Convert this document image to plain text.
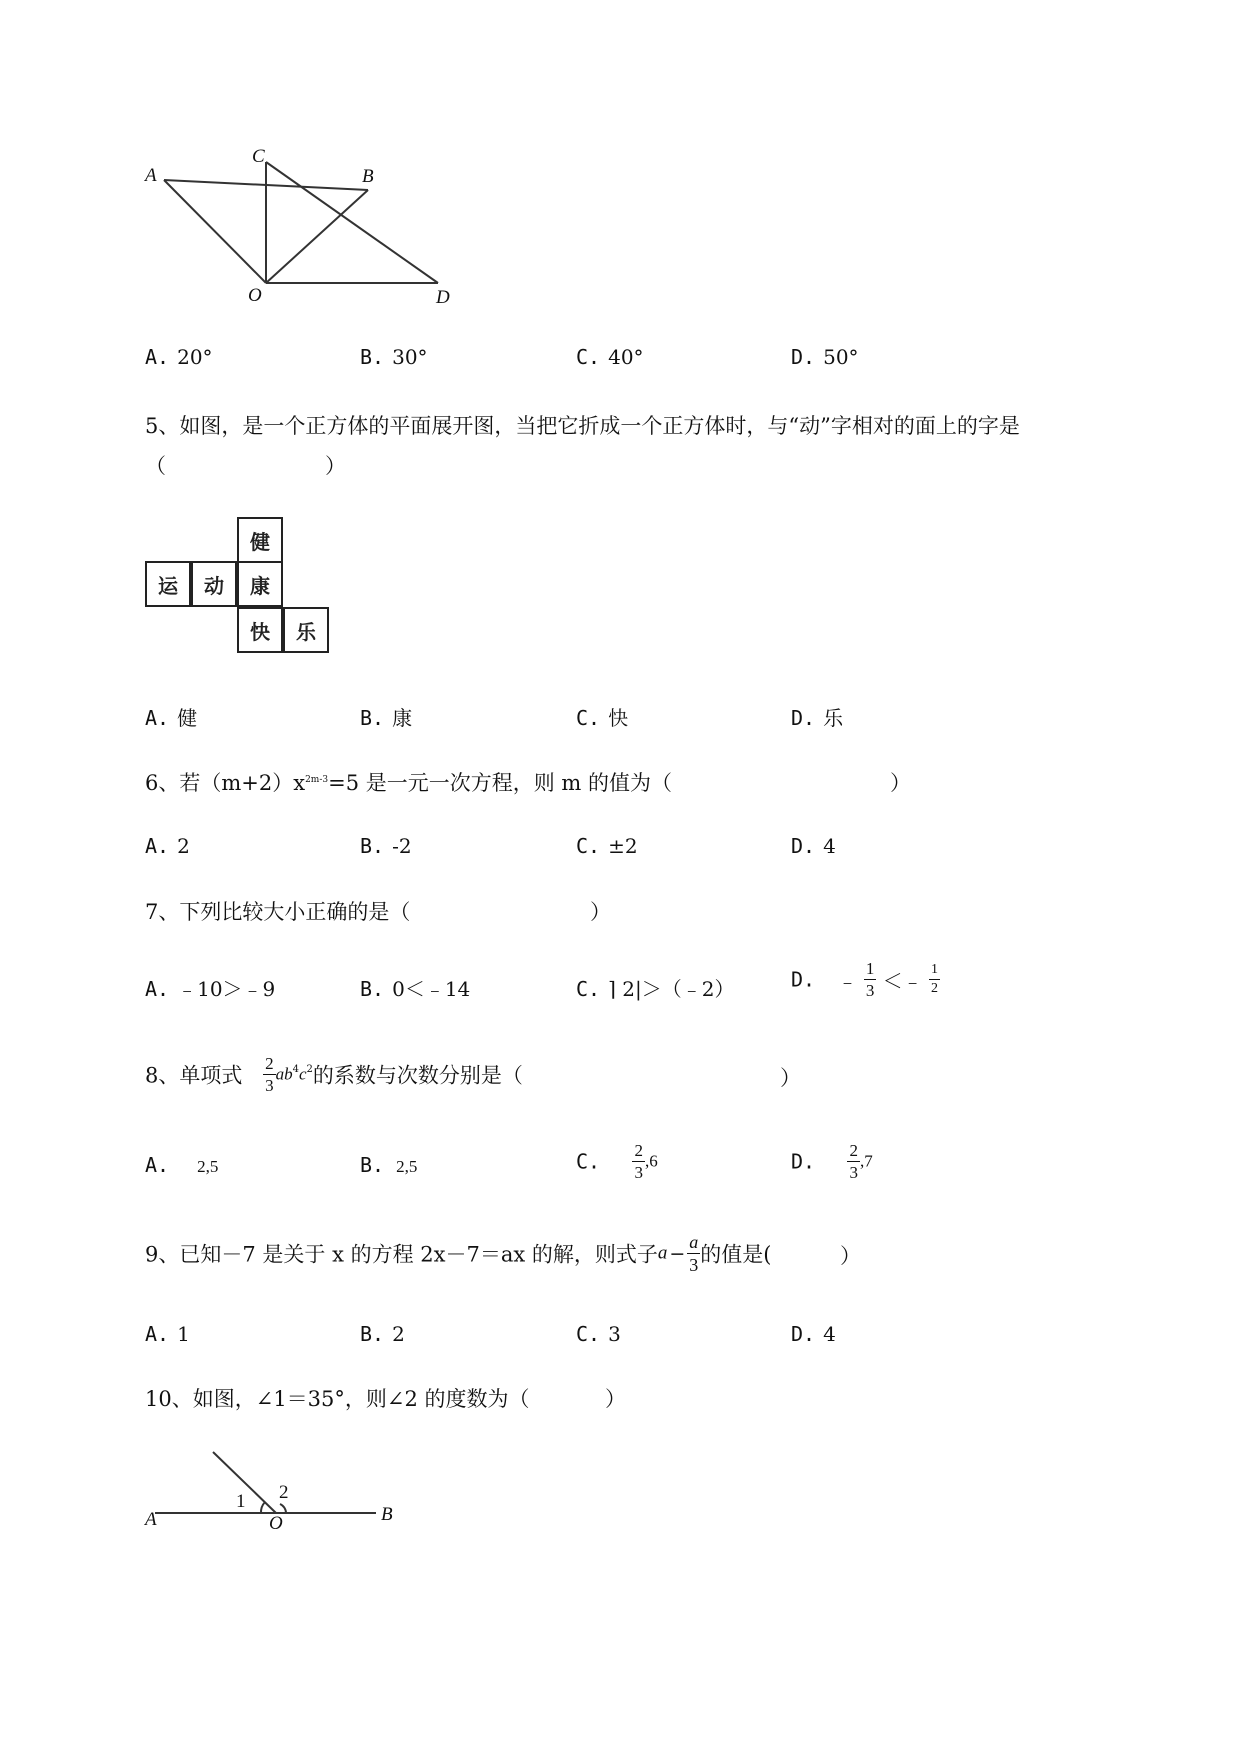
A
C
B
O	D
A. 20°	B. 30°	C. 40°	D. 50°
5、如图，是一个正方体的平面展开图，当把它折成一个正方体时，与“动”字相对的面上的字是
（	）
健
运	动	康
快	乐
A. 健	B. 康	C. 快	D. 乐
6、若$(m+2)x^{2m-3}=5$ 是一元一次方程，则 m 的值为（	）
A. 2	B. -2	C. ±2	D. 4
7、下列比较大小正确的是（	）
A. ﹣10＞﹣9	B. 0＜﹣14	C. ⌉ 2|＞（﹣2）	D. ﹣ $\frac{1}{3}$ ＜﹣ $\frac{1}{2}$
8、单项式 $\frac{2}{3} ab^4c^2$的系数与次数分别是（	）
A. 2,5	B. 2,5	C. $\frac{2}{3} ,6$	D. $\frac{2}{3} ,7$
9、已知－7 是关于 x 的方程 2x－7＝ax 的解，则式子$a - \frac{a}{3}$ 的值是(	）
A. 1	B. 2	C. 3	D. 4
10、如图，∠1＝35°，则∠2 的度数为（	）
A
1 2
O	B
